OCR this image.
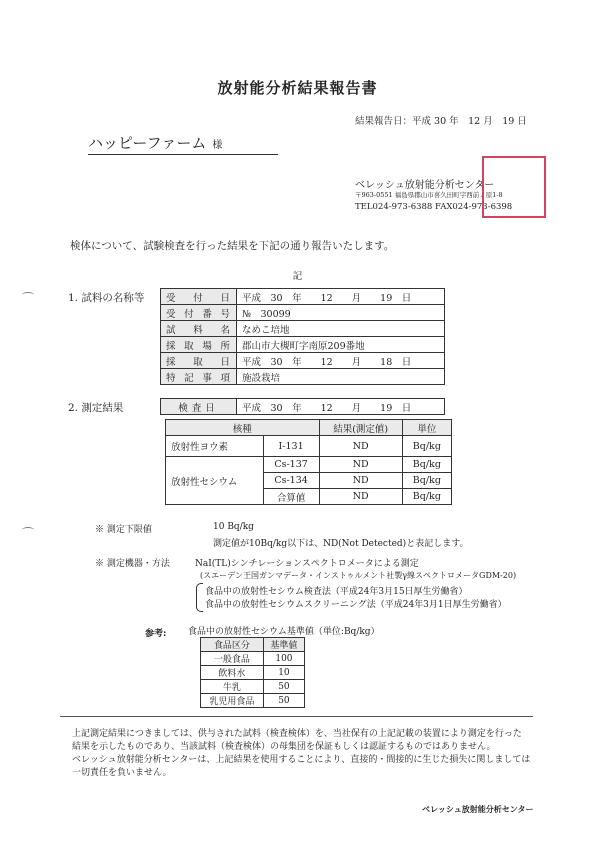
放射能分析結果報告書
結果報告日：平成 30 年　12 月　19 日
ハッピーファーム 様
ベレッシュ放射能分析センター
〒963-0551 福島県郡山市喜久田町字西前ノ原1-8
TEL024-973-6388 FAX024-973-6398
検体について、試験検査を行った結果を下記の通り報告いたします。
記
1. 試料の名称等 受付日	平成　30　年　　12　　月　　19　日
受付番号	№　30099
試料名	なめこ培地
採取場所	郡山市大槻町字南原209番地
採取日	平成　30　年　　12　　月　　18　日
特記事項	施設栽培
2. 測定結果	検査日	平成　30　年　　12　　月　　19　日
核種		結果(測定値)	単位
放射性ヨウ素	I-131	ND	Bq/kg
放射性セシウム	Cs-137	ND	Bq/kg
	Cs-134	ND	Bq/kg
	合算値	ND	Bq/kg
※ 測定下限値	10 Bq/kg
測定値が10Bq/kg以下は、ND(Not Detected)と表記します。
※ 測定機器・方法	NaI(TL)シンチレーションスペクトロメータによる測定
(スエーデン王国ガンマデータ・インストゥルメント社製γ線スペクトロメータGDM-20)
食品中の放射性セシウム検査法（平成24年3月15日厚生労働省）
食品中の放射性セシウムスクリーニング法（平成24年3月1日厚生労働省）
参考: 食品中の放射性セシウム基準値（単位:Bq/kg）
食品区分	基準値
一般食品	100
飲料水	10
牛乳	50
乳児用食品	50
上記測定結果につきましては、供与された試料（検査検体）を、当社保有の上記記載の装置により測定を行った
結果を示したものであり、当該試料（検査検体）の母集団を保証もしくは認証するものではありません。
ベレッシュ放射能分析センターは、上記結果を使用することにより、直接的・間接的に生じた損失に関しましては
一切責任を負いません。
ベレッシュ放射能分析センター
